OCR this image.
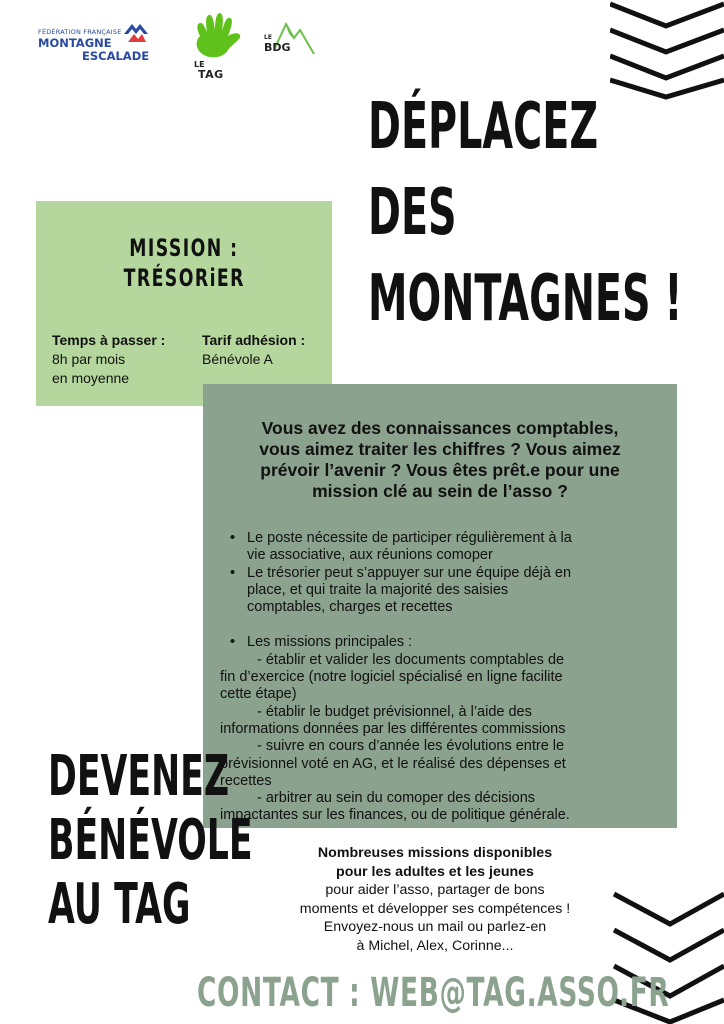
FÉDÉRATION FRANÇAISE
MONTAGNE
ESCALADE
LE
TAG
LE
BDG
DÉPLACEZ
DES
MONTAGNES !
MISSION :
TRÉSORiER
Temps à passer :
8h par mois
en moyenne
Tarif adhésion :
Bénévole A
Vous avez des connaissances comptables,
vous aimez traiter les chiffres ? Vous aimez
prévoir l’avenir ? Vous êtes prêt.e pour une
mission clé au sein de l’asso ?
• Le poste nécessite de participer régulièrement à la
vie associative, aux réunions comoper
• Le trésorier peut s’appuyer sur une équipe déjà en
place, et qui traite la majorité des saisies
comptables, charges et recettes
• Les missions principales :
- établir et valider les documents comptables de
fin d’exercice (notre logiciel spécialisé en ligne facilite
cette étape)
- établir le budget prévisionnel, à l’aide des
informations données par les différentes commissions
- suivre en cours d’année les évolutions entre le
prévisionnel voté en AG, et le réalisé des dépenses et
recettes
- arbitrer au sein du comoper des décisions
impactantes sur les finances, ou de politique générale.
DEVENEZ
BÉNÉVOLE
AU TAG
Nombreuses missions disponibles
pour les adultes et les jeunes
pour aider l’asso, partager de bons
moments et développer ses compétences !
Envoyez-nous un mail ou parlez-en
à Michel, Alex, Corinne...
CONTACT : WEB@TAG.ASSO.FR
